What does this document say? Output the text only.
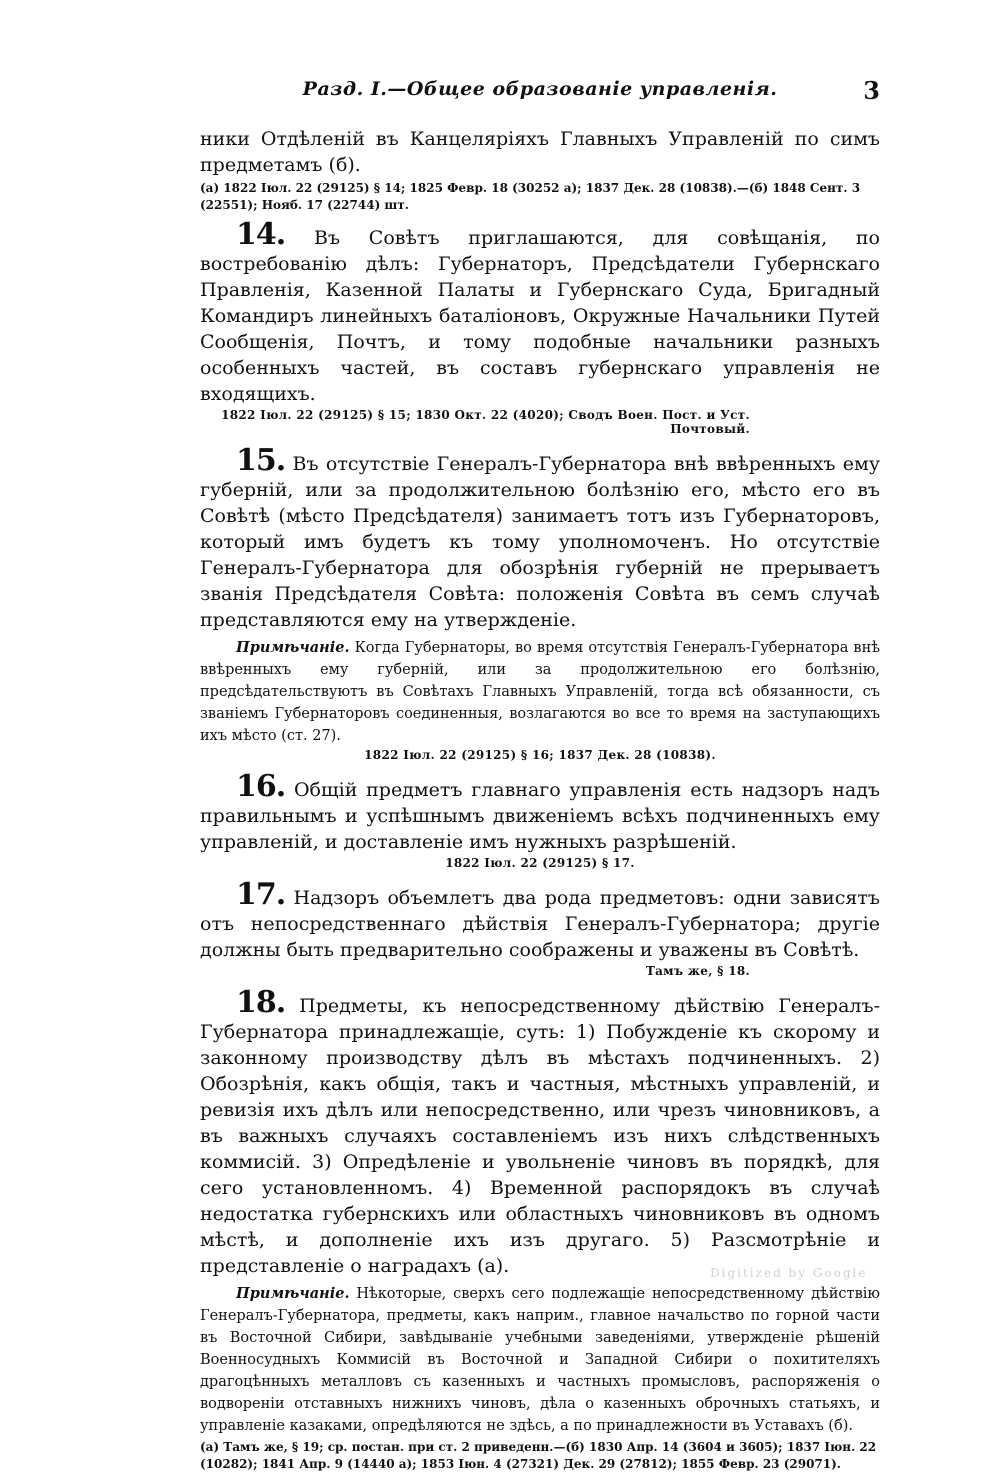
Разд. I.—Общее образованіе управленія.	3

ники Отдѣленій въ Канцеляріяхъ Главныхъ Управленій по симъ предметамъ (б).

(а) 1822 Іюл. 22 (29125) § 14; 1825 Февр. 18 (30252 а); 1837 Дек. 28 (10838).—(б) 1848 Сент. 3 (22551); Нояб. 17 (22744) шт.

14. Въ Совѣтъ приглашаются, для совѣщанія, по востребованію дѣлъ: Губернаторъ, Предсѣдатели Губернскаго Правленія, Казенной Палаты и Губернскаго Суда, Бригадный Командиръ линейныхъ баталіоновъ, Окружные Начальники Путей Сообщенія, Почтъ, и тому подобные начальники разныхъ особенныхъ частей, въ составъ губернскаго управленія не входящихъ.

1822 Іюл. 22 (29125) § 15; 1830 Окт. 22 (4020); Сводъ Воен. Пост. и Уст. Почтовый.

15. Въ отсутствіе Генералъ-Губернатора внѣ ввѣренныхъ ему губерній, или за продолжительною болѣзнію его, мѣсто его въ Совѣтѣ (мѣсто Предсѣдателя) занимаетъ тотъ изъ Губернаторовъ, который имъ будетъ къ тому уполномоченъ. Но отсутствіе Генералъ-Губернатора для обозрѣнія губерній не прерываетъ званія Предсѣдателя Совѣта: положенія Совѣта въ семъ случаѣ представляются ему на утвержденіе.

Примѣчаніе. Когда Губернаторы, во время отсутствія Генералъ-Губернатора внѣ ввѣренныхъ ему губерній, или за продолжительною его болѣзнію, предсѣдательствуютъ въ Совѣтахъ Главныхъ Управленій, тогда всѣ обязанности, съ званіемъ Губернаторовъ соединенныя, возлагаются во все то время на заступающихъ ихъ мѣсто (ст. 27).

1822 Іюл. 22 (29125) § 16; 1837 Дек. 28 (10838).

16. Общій предметъ главнаго управленія есть надзоръ надъ правильнымъ и успѣшнымъ движеніемъ всѣхъ подчиненныхъ ему управленій, и доставленіе имъ нужныхъ разрѣшеній.

1822 Іюл. 22 (29125) § 17.

17. Надзоръ объемлетъ два рода предметовъ: одни зависятъ отъ непосредственнаго дѣйствія Генералъ-Губернатора; другіе должны быть предварительно соображены и уважены въ Совѣтѣ.

Тамъ же, § 18.

18. Предметы, къ непосредственному дѣйствію Генералъ-Губернатора принадлежащіе, суть: 1) Побужденіе къ скорому и законному производству дѣлъ въ мѣстахъ подчиненныхъ. 2) Обозрѣнія, какъ общія, такъ и частныя, мѣстныхъ управленій, и ревизія ихъ дѣлъ или непосредственно, или чрезъ чиновниковъ, а въ важныхъ случаяхъ составленіемъ изъ нихъ слѣдственныхъ коммисій. 3) Опредѣленіе и увольненіе чиновъ въ порядкѣ, для сего установленномъ. 4) Временной распорядокъ въ случаѣ недостатка губернскихъ или областныхъ чиновниковъ въ одномъ мѣстѣ, и дополненіе ихъ изъ другаго. 5) Разсмотрѣніе и представленіе о наградахъ (а).

Примѣчаніе. Нѣкоторые, сверхъ сего подлежащіе непосредственному дѣйствію Генералъ-Губернатора, предметы, какъ наприм., главное начальство по горной части въ Восточной Сибири, завѣдываніе учебными заведеніями, утвержденіе рѣшеній Военносудныхъ Коммисій въ Восточной и Западной Сибири о похитителяхъ драгоцѣнныхъ металловъ съ казенныхъ и частныхъ промысловъ, распоряженія о водвореніи отставныхъ нижнихъ чиновъ, дѣла о казенныхъ оброчныхъ статьяхъ, и управленіе казаками, опредѣляются не здѣсь, а по принадлежности въ Уставахъ (б).

(а) Тамъ же, § 19; ср. постан. при ст. 2 приведенн.—(б) 1830 Апр. 14 (3604 и 3605); 1837 Іюн. 22 (10282); 1841 Апр. 9 (14440 а); 1853 Іюн. 4 (27321) Дек. 29 (27812); 1855 Февр. 23 (29071).

Digitized by Google
